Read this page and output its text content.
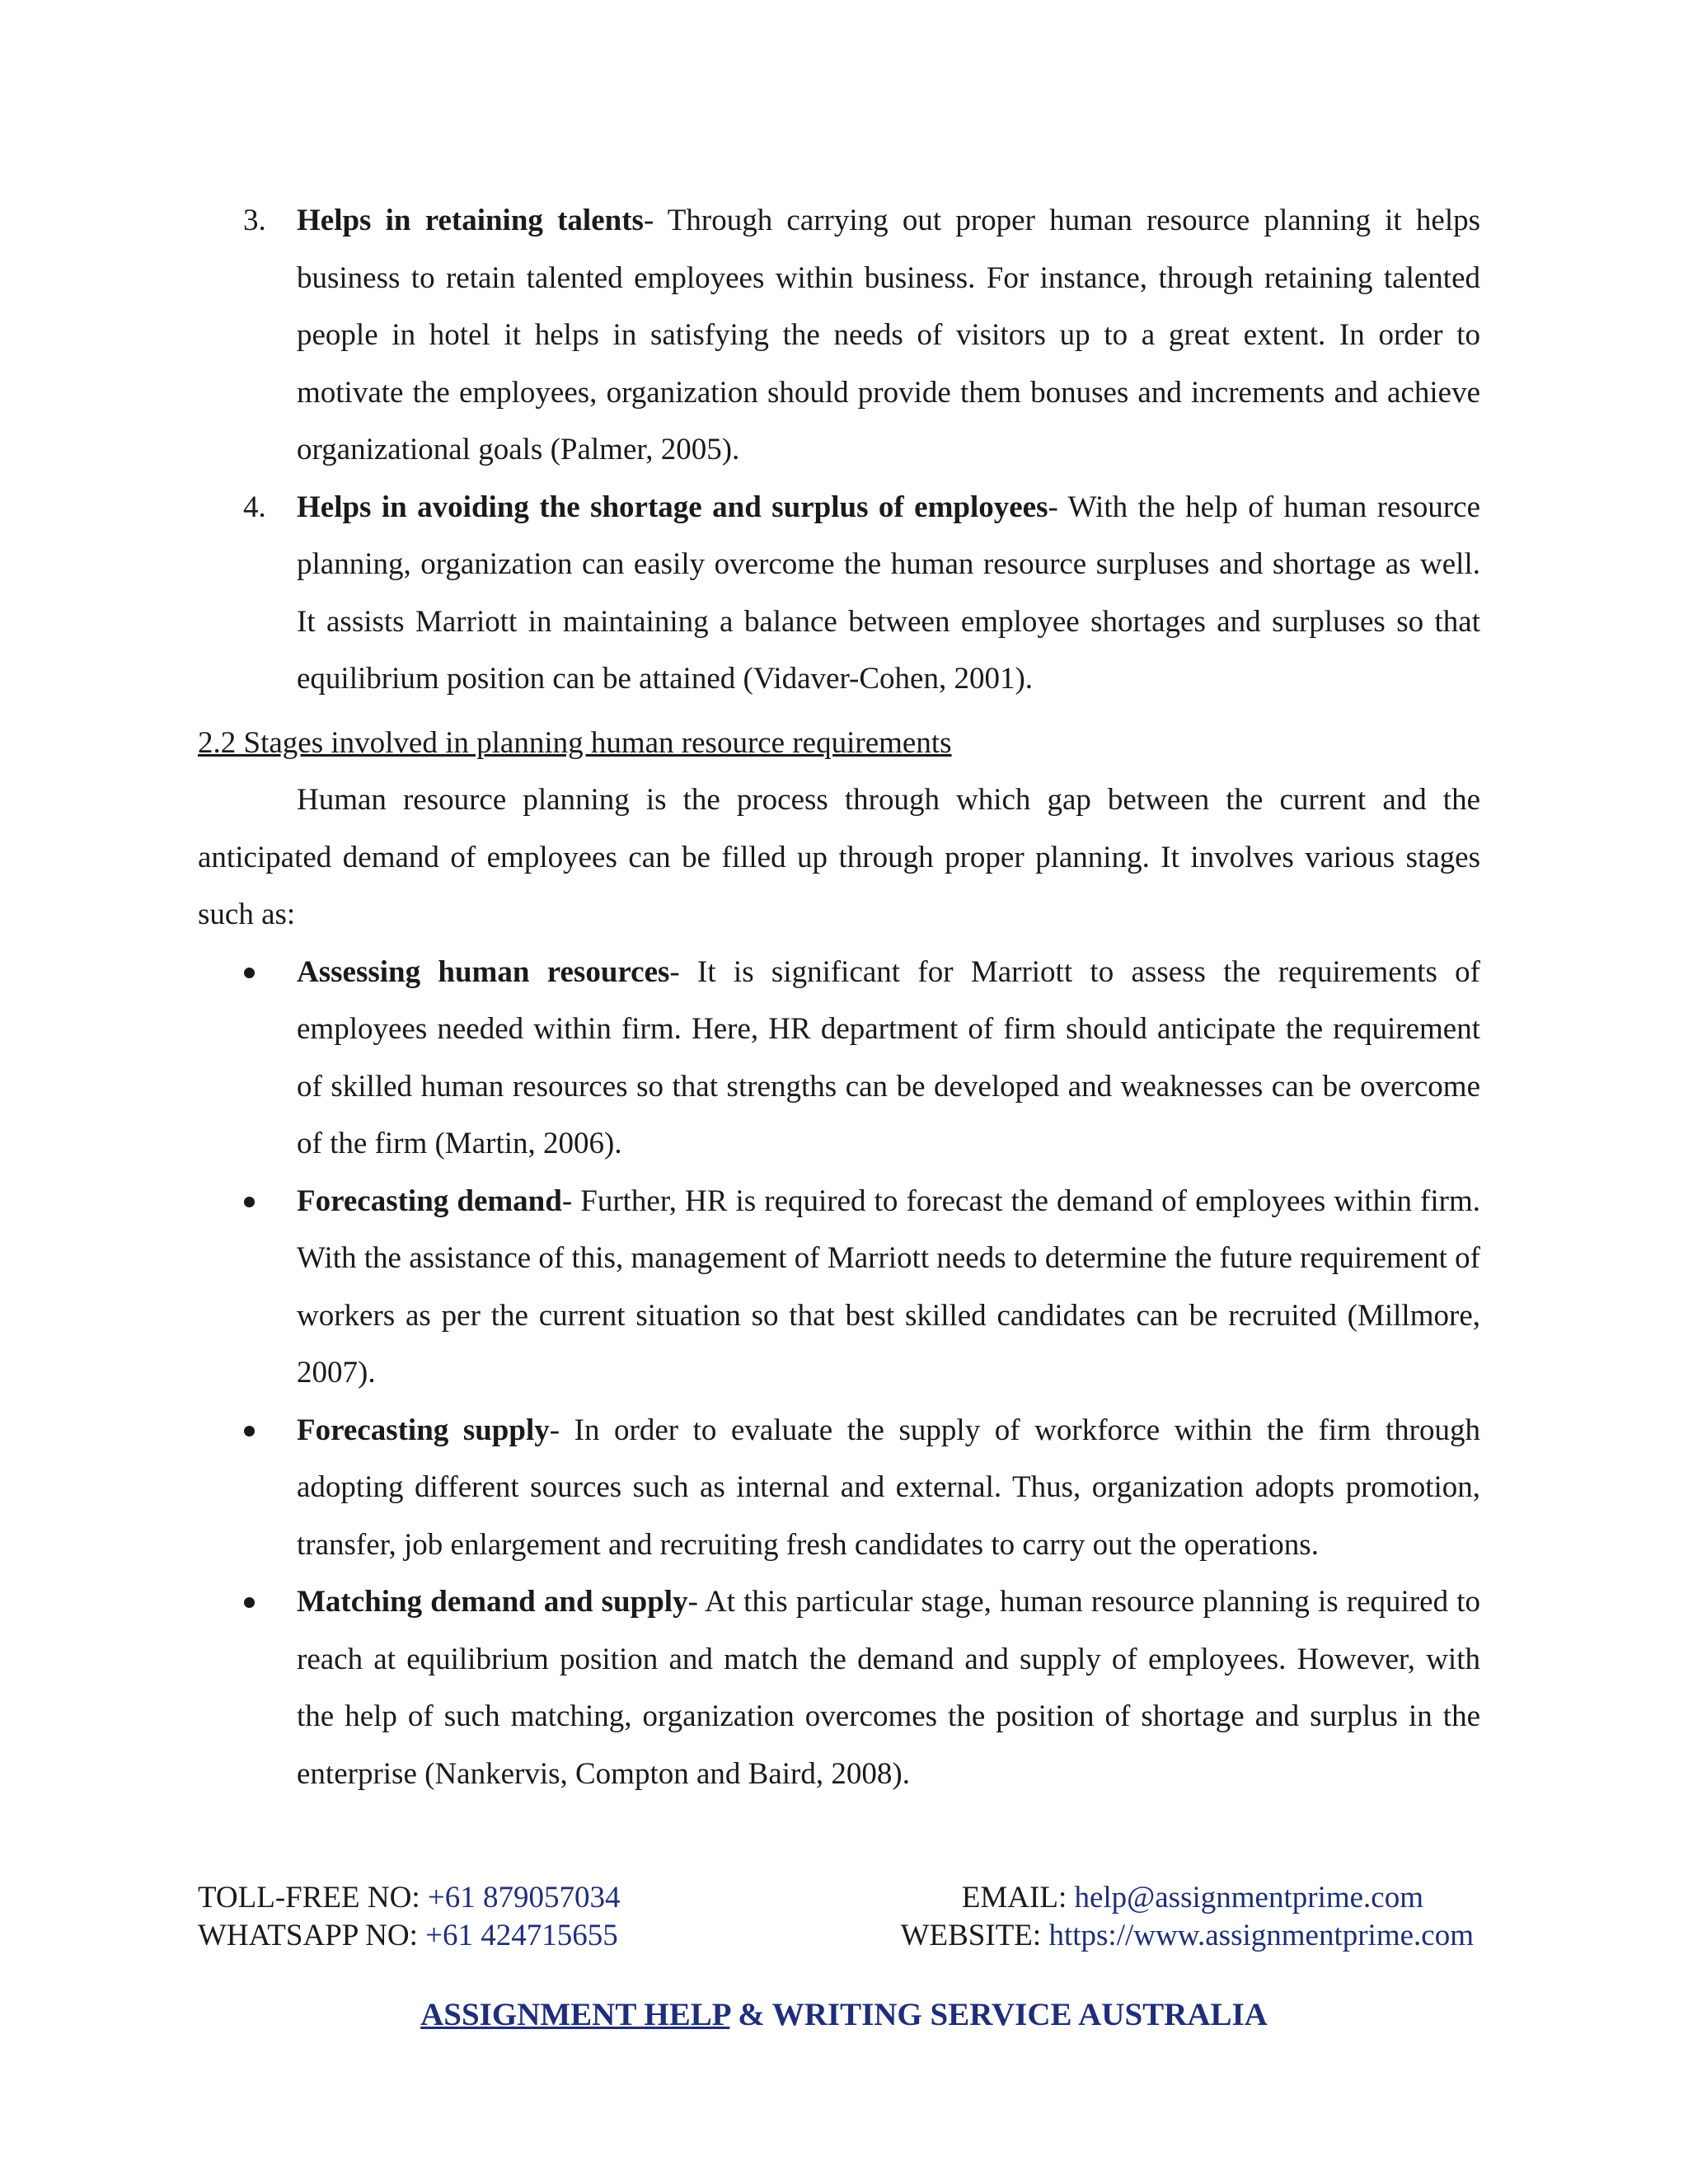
3.	Helps in retaining talents- Through carrying out proper human resource planning it helps business to retain talented employees within business. For instance, through retaining talented people in hotel it helps in satisfying the needs of visitors up to a great extent. In order to motivate the employees, organization should provide them bonuses and increments and achieve organizational goals (Palmer, 2005).

4.	Helps in avoiding the shortage and surplus of employees- With the help of human resource planning, organization can easily overcome the human resource surpluses and shortage as well. It assists Marriott in maintaining a balance between employee shortages and surpluses so that equilibrium position can be attained (Vidaver-Cohen, 2001).

2.2 Stages involved in planning human resource requirements

Human resource planning is the process through which gap between the current and the anticipated demand of employees can be filled up through proper planning. It involves various stages such as:

Assessing human resources- It is significant for Marriott to assess the requirements of employees needed within firm. Here, HR department of firm should anticipate the requirement of skilled human resources so that strengths can be developed and weaknesses can be overcome of the firm (Martin, 2006).

Forecasting demand- Further, HR is required to forecast the demand of employees within firm. With the assistance of this, management of Marriott needs to determine the future requirement of workers as per the current situation so that best skilled candidates can be recruited (Millmore, 2007).

Forecasting supply- In order to evaluate the supply of workforce within the firm through adopting different sources such as internal and external. Thus, organization adopts promotion, transfer, job enlargement and recruiting fresh candidates to carry out the operations.

Matching demand and supply- At this particular stage, human resource planning is required to reach at equilibrium position and match the demand and supply of employees. However, with the help of such matching, organization overcomes the position of shortage and surplus in the enterprise (Nankervis, Compton and Baird, 2008).

TOLL-FREE NO: +61 879057034	EMAIL: help@assignmentprime.com
WHATSAPP NO: +61 424715655	WEBSITE: https://www.assignmentprime.com
ASSIGNMENT HELP & WRITING SERVICE AUSTRALIA
